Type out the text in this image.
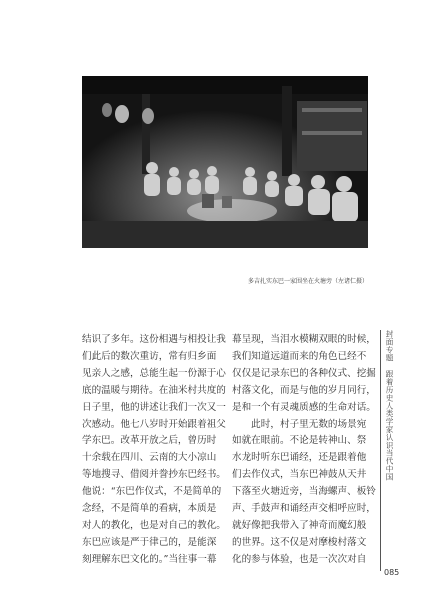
多吉扎实东巴一家围坐在火塘旁（左诸仁摄）

结识了多年。这份相遇与相投让我

们此后的数次重访，常有归乡面

见亲人之感，总能生起一份源于心

底的温暖与期待。在油米村共度的

日子里，他的讲述让我们一次又一

次感动。他七八岁时开始跟着祖父

学东巴。改革开放之后，曾历时

十余载在四川、云南的大小凉山

等地搜寻、借阅并誊抄东巴经书。

他说：“东巴作仪式，不是简单的

念经，不是简单的看病，本质是

对人的教化，也是对自己的教化。

东巴应该是严于律己的，是能深

刻理解东巴文化的。”当往事一幕

幕呈现，当泪水模糊双眼的时候，

我们知道远道而来的角色已经不

仅仅是记录东巴的各种仪式、挖掘

村落文化，而是与他的岁月同行，

是和一个有灵魂质感的生命对话。

　　此时，村子里无数的场景宛

如就在眼前。不论是转神山、祭

水龙时听东巴诵经，还是跟着他

们去作仪式，当东巴神鼓从天井

下落至火塘近旁，当海螺声、板铃

声、手鼓声和诵经声交相呼应时，

就好像把我带入了神奇而魔幻般

的世界。这不仅是对摩梭村落文

化的参与体验，也是一次次对自

封面专题 跟着历史人类学家认识当代中国
085
